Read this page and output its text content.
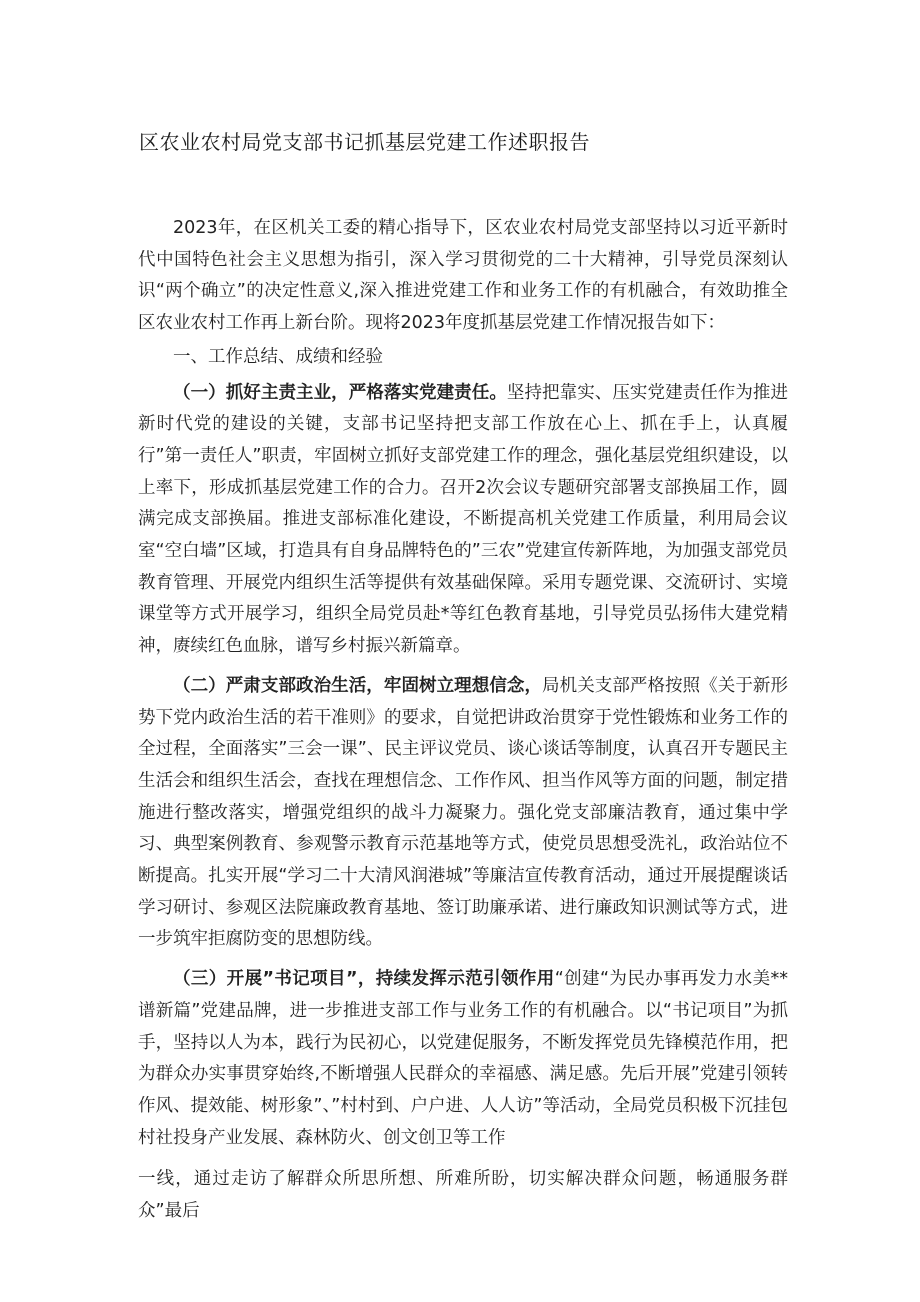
区农业农村局党支部书记抓基层党建工作述职报告

2023年，在区机关工委的精心指导下，区农业农村局党支部坚持以习近平新时代中国特色社会主义思想为指引，深入学习贯彻党的二十大精神，引导党员深刻认识“两个确立”的决定性意义,深入推进党建工作和业务工作的有机融合，有效助推全区农业农村工作再上新台阶。现将2023年度抓基层党建工作情况报告如下：

一、工作总结、成绩和经验

（一）抓好主责主业，严格落实党建责任。坚持把靠实、压实党建责任作为推进新时代党的建设的关键，支部书记坚持把支部工作放在心上、抓在手上，认真履行”第一责任人”职责，牢固树立抓好支部党建工作的理念，强化基层党组织建设，以上率下，形成抓基层党建工作的合力。召开2次会议专题研究部署支部换届工作，圆满完成支部换届。推进支部标准化建设，不断提高机关党建工作质量，利用局会议室“空白墙”区域，打造具有自身品牌特色的”三农”党建宣传新阵地，为加强支部党员教育管理、开展党内组织生活等提供有效基础保障。采用专题党课、交流研讨、实境课堂等方式开展学习，组织全局党员赴*等红色教育基地，引导党员弘扬伟大建党精神，赓续红色血脉，谱写乡村振兴新篇章。

（二）严肃支部政治生活，牢固树立理想信念，局机关支部严格按照《关于新形势下党内政治生活的若干准则》的要求，自觉把讲政治贯穿于党性锻炼和业务工作的全过程，全面落实”三会一课”、民主评议党员、谈心谈话等制度，认真召开专题民主生活会和组织生活会，查找在理想信念、工作作风、担当作风等方面的问题，制定措施进行整改落实，增强党组织的战斗力凝聚力。强化党支部廉洁教育，通过集中学习、典型案例教育、参观警示教育示范基地等方式，使党员思想受洗礼，政治站位不断提高。扎实开展“学习二十大清风润港城”等廉洁宣传教育活动，通过开展提醒谈话学习研讨、参观区法院廉政教育基地、签订助廉承诺、进行廉政知识测试等方式，进一步筑牢拒腐防变的思想防线。

（三）开展”书记项目”，持续发挥示范引领作用“创建“为民办事再发力水美**谱新篇”党建品牌，进一步推进支部工作与业务工作的有机融合。以“书记项目”为抓手，坚持以人为本，践行为民初心，以党建促服务，不断发挥党员先锋模范作用，把为群众办实事贯穿始终,不断增强人民群众的幸福感、满足感。先后开展”党建引领转作风、提效能、树形象”、”村村到、户户进、人人访”等活动，全局党员积极下沉挂包村社投身产业发展、森林防火、创文创卫等工作

一线，通过走访了解群众所思所想、所难所盼，切实解决群众问题，畅通服务群众”最后
